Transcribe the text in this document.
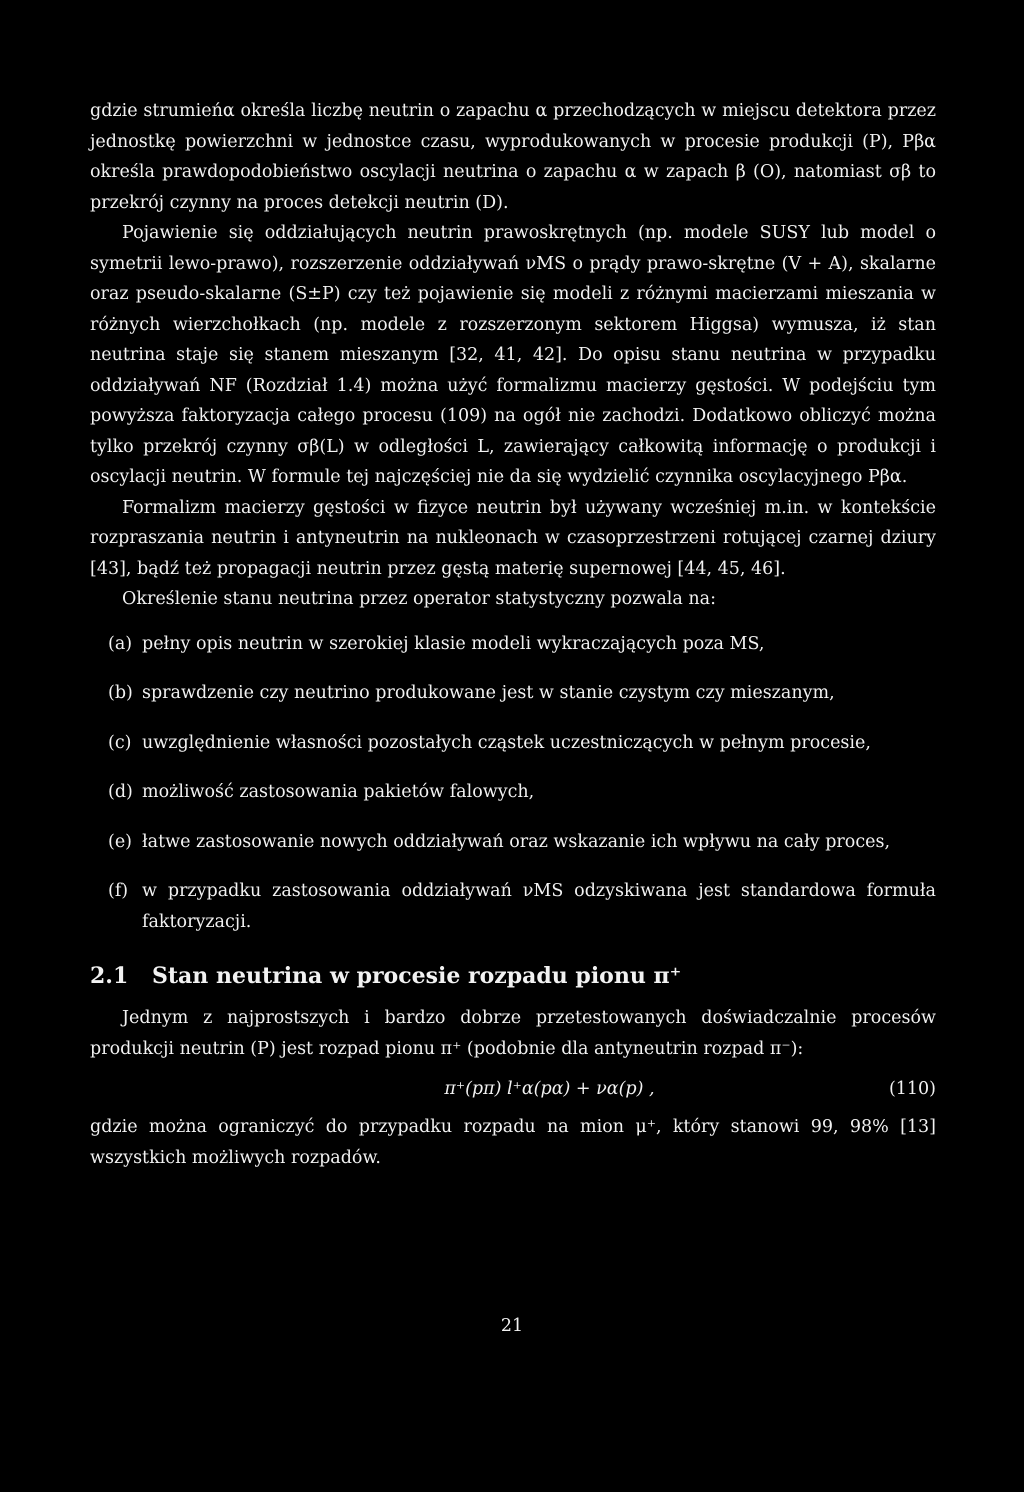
gdzie strumieńα określa liczbę neutrin o zapachu α przechodzących w miejscu detektora przez jednostkę powierzchni w jednostce czasu, wyprodukowanych w procesie produkcji (P), Pβα określa prawdopodobieństwo oscylacji neutrina o zapachu α w zapach β (O), natomiast σβ to przekrój czynny na proces detekcji neutrin (D).

Pojawienie się oddziałujących neutrin prawoskrętnych (np. modele SUSY lub model o symetrii lewo-prawo), rozszerzenie oddziaływań νMS o prądy prawo-skrętne (V + A), skalarne oraz pseudo-skalarne (S±P) czy też pojawienie się modeli z różnymi macierzami mieszania w różnych wierzchołkach (np. modele z rozszerzonym sektorem Higgsa) wymusza, iż stan neutrina staje się stanem mieszanym [32, 41, 42]. Do opisu stanu neutrina w przypadku oddziaływań NF (Rozdział 1.4) można użyć formalizmu macierzy gęstości. W podejściu tym powyższa faktoryzacja całego procesu (109) na ogół nie zachodzi. Dodatkowo obliczyć można tylko przekrój czynny σβ(L) w odległości L, zawierający całkowitą informację o produkcji i oscylacji neutrin. W formule tej najczęściej nie da się wydzielić czynnika oscylacyjnego Pβα.

Formalizm macierzy gęstości w fizyce neutrin był używany wcześniej m.in. w kontekście rozpraszania neutrin i antyneutrin na nukleonach w czasoprzestrzeni rotującej czarnej dziury [43], bądź też propagacji neutrin przez gęstą materię supernowej [44, 45, 46].

Określenie stanu neutrina przez operator statystyczny pozwala na:

(a) pełny opis neutrin w szerokiej klasie modeli wykraczających poza MS,
(b) sprawdzenie czy neutrino produkowane jest w stanie czystym czy mieszanym,
(c) uwzględnienie własności pozostałych cząstek uczestniczących w pełnym procesie,
(d) możliwość zastosowania pakietów falowych,
(e) łatwe zastosowanie nowych oddziaływań oraz wskazanie ich wpływu na cały proces,
(f) w przypadku zastosowania oddziaływań νMS odzyskiwana jest standardowa formuła faktoryzacji.
2.1	Stan neutrina w procesie rozpadu pionu π⁺

Jednym z najprostszych i bardzo dobrze przetestowanych doświadczalnie procesów produkcji neutrin (P) jest rozpad pionu π⁺ (podobnie dla antyneutrin rozpad π⁻):

π⁺(pπ) l⁺α(pα) + να(p) ,	(110)

gdzie można ograniczyć do przypadku rozpadu na mion μ⁺, który stanowi 99, 98% [13] wszystkich możliwych rozpadów.

21
